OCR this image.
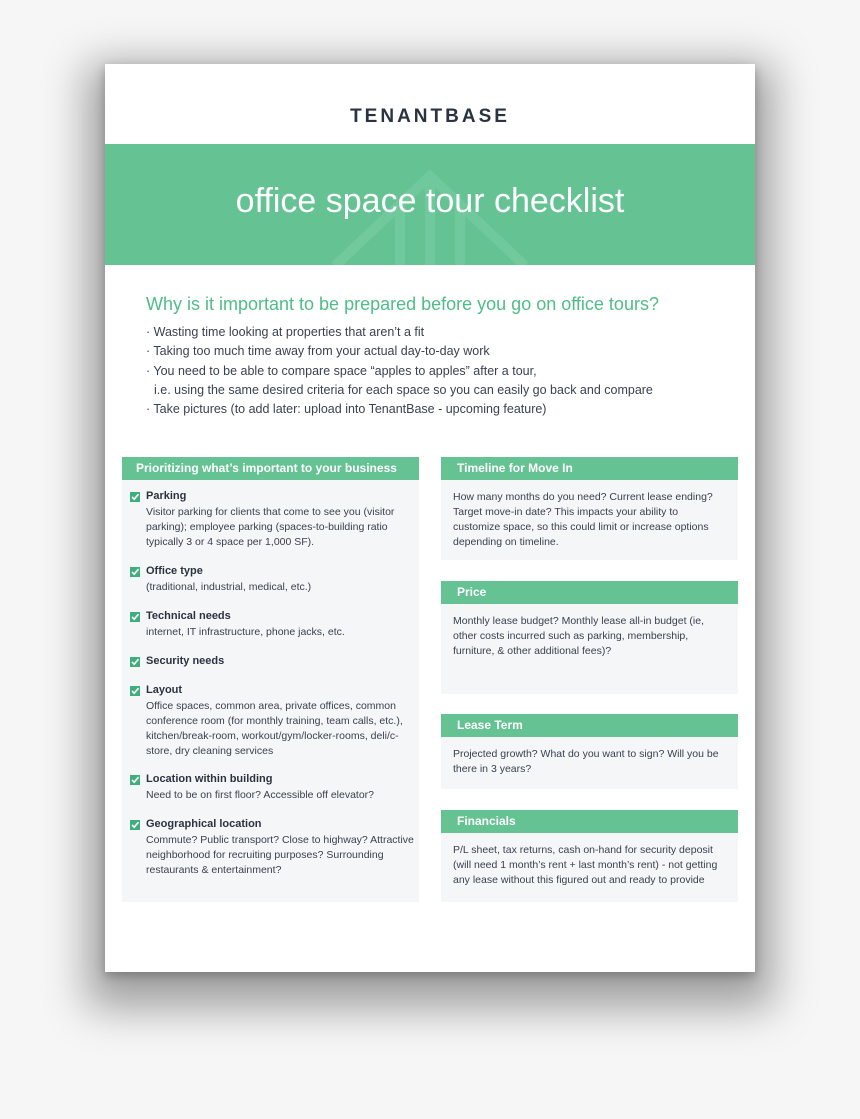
TENANTBASE
office space tour checklist
Why is it important to be prepared before you go on office tours?
· Wasting time looking at properties that aren’t a fit
· Taking too much time away from your actual day-to-day work
· You need to be able to compare space “apples to apples” after a tour,
i.e. using the same desired criteria for each space so you can easily go back and compare
· Take pictures (to add later: upload into TenantBase - upcoming feature)
Prioritizing what’s important to your business
Parking
Visitor parking for clients that come to see you (visitor parking); employee parking (spaces-to-building ratio typically 3 or 4 space per 1,000 SF).
Office type
(traditional, industrial, medical, etc.)
Technical needs
internet, IT infrastructure, phone jacks, etc.
Security needs
Layout
Office spaces, common area, private offices, common conference room (for monthly training, team calls, etc.), kitchen/break-room, workout/gym/locker-rooms, deli/c-store, dry cleaning services
Location within building
Need to be on first floor? Accessible off elevator?
Geographical location
Commute? Public transport? Close to highway? Attractive neighborhood for recruiting purposes? Surrounding restaurants & entertainment?
Timeline for Move In
How many months do you need? Current lease ending? Target move-in date? This impacts your ability to customize space, so this could limit or increase options depending on timeline.
Price
Monthly lease budget? Monthly lease all-in budget (ie, other costs incurred such as parking, membership, furniture, & other additional fees)?
Lease Term
Projected growth? What do you want to sign? Will you be there in 3 years?
Financials
P/L sheet, tax returns, cash on-hand for security deposit (will need 1 month’s rent + last month’s rent) - not getting any lease without this figured out and ready to provide
